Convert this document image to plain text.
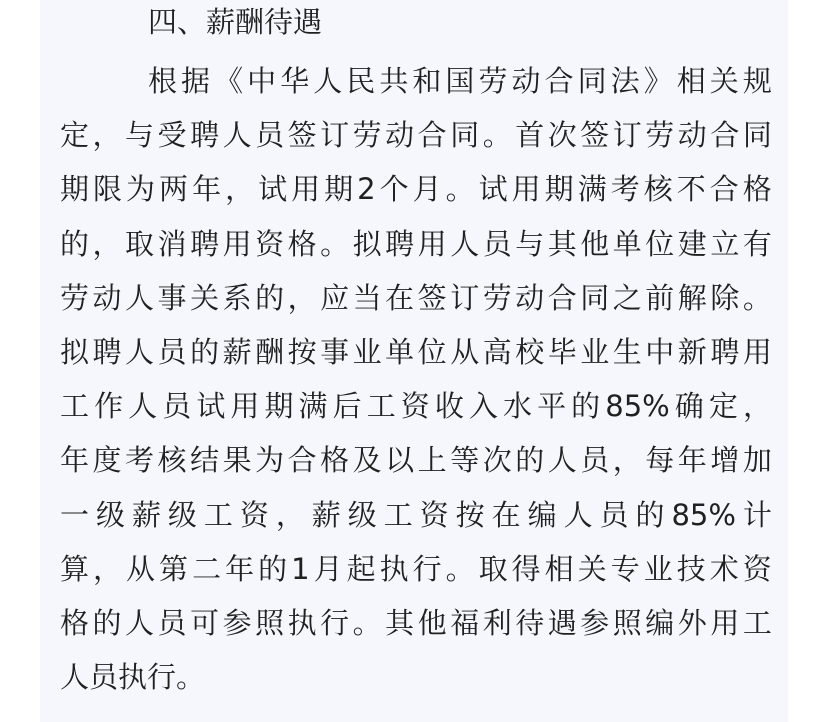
四、薪酬待遇
根 据 《 中 华 人 民 共 和 国 劳 动 合 同 法 》 相 关 规
定 ， 与 受 聘 人 员 签 订 劳 动 合 同 。 首 次 签 订 劳 动 合 同
期 限 为 两 年 ， 试 用 期 2 个 月 。 试 用 期 满 考 核 不 合 格
的 ， 取 消 聘 用 资 格 。 拟 聘 用 人 员 与 其 他 单 位 建 立 有
劳 动 人 事 关 系 的 ， 应 当 在 签 订 劳 动 合 同 之 前 解 除 。
拟 聘 人 员 的 薪 酬 按 事 业 单 位 从 高 校 毕 业 生 中 新 聘 用
工 作 人 员 试 用 期 满 后 工 资 收 入 水 平 的 85% 确 定 ，
年 度 考 核 结 果 为 合 格 及 以 上 等 次 的 人 员 ， 每 年 增 加
一 级 薪 级 工 资 ， 薪 级 工 资 按 在 编 人 员 的 85% 计
算 ， 从 第 二 年 的 1 月 起 执 行 。 取 得 相 关 专 业 技 术 资
格 的 人 员 可 参 照 执 行 。 其 他 福 利 待 遇 参 照 编 外 用 工
人员执行。
